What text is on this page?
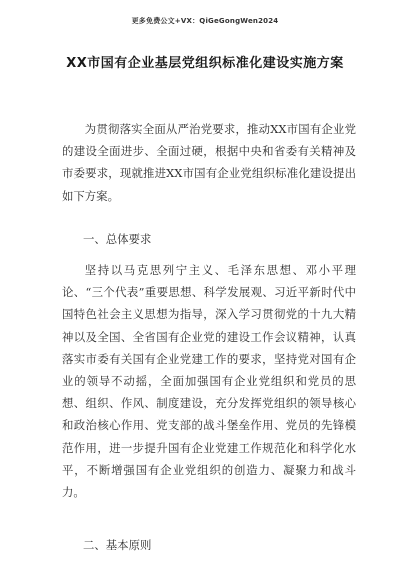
更多免费公文+VX：QiGeGongWen2024
XX市国有企业基层党组织标准化建设实施方案
为贯彻落实全面从严治党要求，推动XX市国有企业党的建设全面进步、全面过硬，根据中央和省委有关精神及市委要求，现就推进XX市国有企业党组织标准化建设提出如下方案。
一、总体要求
坚持以马克思列宁主义、毛泽东思想、邓小平理论、“三个代表”重要思想、科学发展观、习近平新时代中国特色社会主义思想为指导，深入学习贯彻党的十九大精神以及全国、全省国有企业党的建设工作会议精神，认真落实市委有关国有企业党建工作的要求，坚持党对国有企业的领导不动摇，全面加强国有企业党组织和党员的思想、组织、作风、制度建设，充分发挥党组织的领导核心和政治核心作用、党支部的战斗堡垒作用、党员的先锋模范作用，进一步提升国有企业党建工作规范化和科学化水平，不断增强国有企业党组织的创造力、凝聚力和战斗力。
二、基本原则
